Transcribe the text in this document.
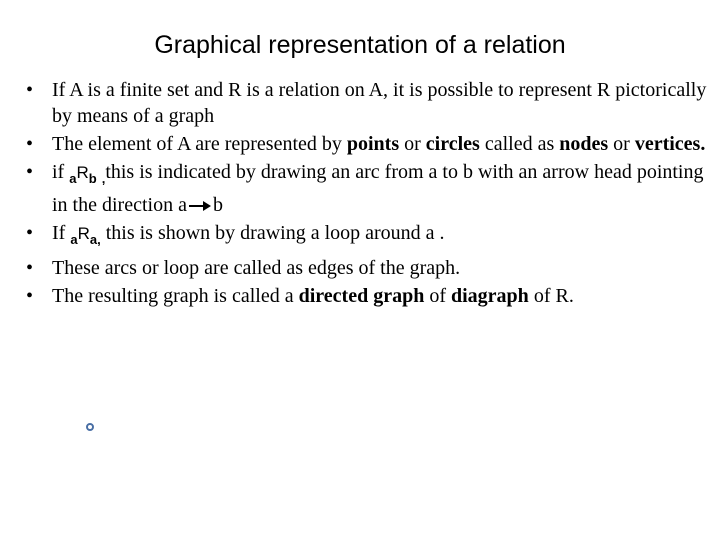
Graphical representation of a relation
• If A is a finite set and R is a relation on A, it is possible to represent R pictorically by means of a graph
• The element of A are represented by points or circles called as nodes or vertices.
• if $_aR_b$ $_,$this is indicated by drawing an arc from a to b with an arrow head pointing in the direction a b
• If $_aR_{a,}$ this is shown by drawing a loop around a .
• These arcs or loop are called as edges of the graph.
• The resulting graph is called a directed graph of diagraph of R.
